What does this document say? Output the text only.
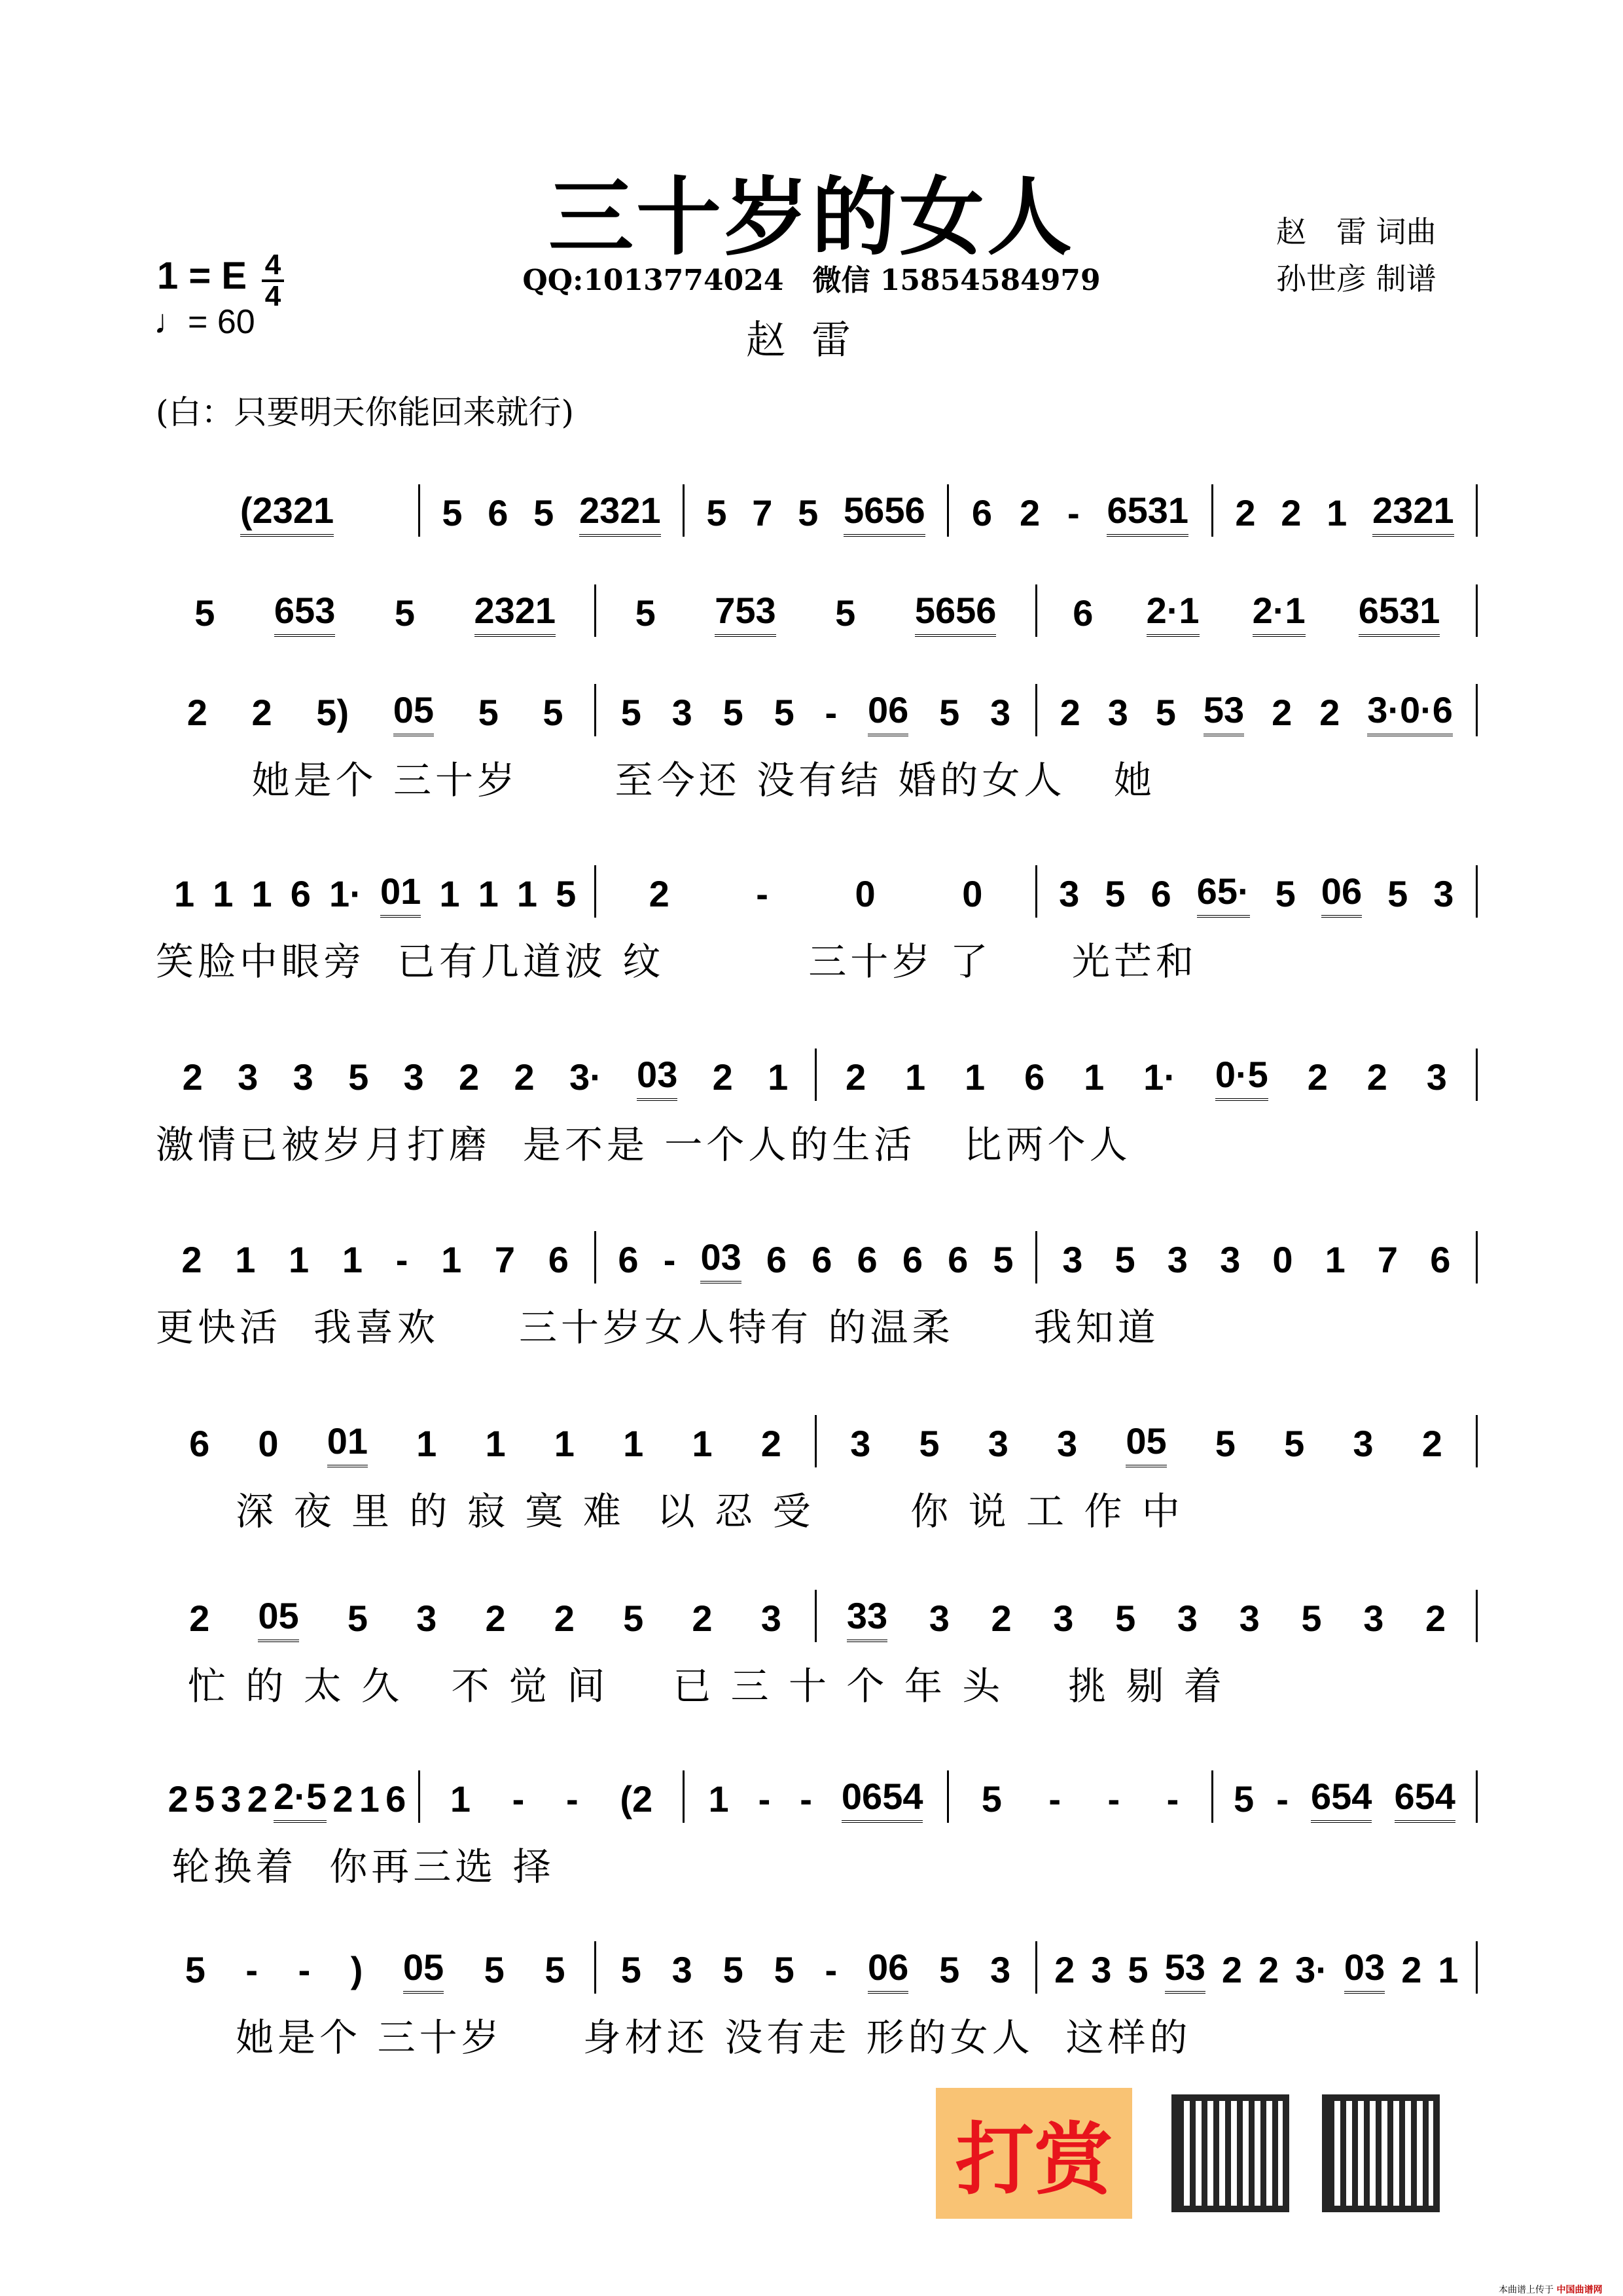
三十岁的女人	赵　雷 词曲
孙世彦 制谱
1 = E 4
4
♩= 60
QQ:1013774024　微信 15854584979
赵雷
(白：只要明天你能回来就行)
(2321	5 6 5 2321 5 7 5 5656 6 2 - 6531 2 2 1 2321
5 653 5 2321 5 753 5 5656 6 2·1 2·1 6531
2 2 5) 05 5 5 5 3 5 5 - 06 5 3 2 3 5 53 2 2 3·0·6
她是个 三十岁      至今还 没有结 婚的女人   她
1 1 1 6 1· 01 1 1 1 5 2 - 0 0 3 5 6 65· 5 06 5 3
笑脸中眼旁  已有几道波 纹         三十岁 了     光芒和
2 3 3 5 3 2 2 3· 03 2 1 2 1 1 6 1 1· 0·5 2 2 3
激情已被岁月打磨  是不是 一个人的生活   比两个人
2 1 1 1 - 1 7 6 6 - 03 6 6 6 6 6 5 3 5 3 3 0 1 7 6
更快活  我喜欢     三十岁女人特有 的温柔     我知道
6 0 01 1 1 1 1 1 2 3 5 3 3 05 5 5 3 2
深 夜 里 的 寂 寞 难  以 忍 受      你 说 工 作 中
2 05 5 3 2 2 5 2 3 33 3 2 3 5 3 3 5 3 2
忙 的 太 久   不 觉 间    已 三 十 个 年 头    挑 剔 着
2 5 3 2 2·5 2 1 6 1 - - (2 1 - - 0654 5 - - - 5 - 654 654
轮换着  你再三选 择
5 - - ) 05 5 5 5 3 5 5 - 06 5 3 2 3 5 53 2 2 3· 03 2 1
她是个 三十岁     身材还 没有走 形的女人  这样的
打赏
本曲谱上传于 中国曲谱网
